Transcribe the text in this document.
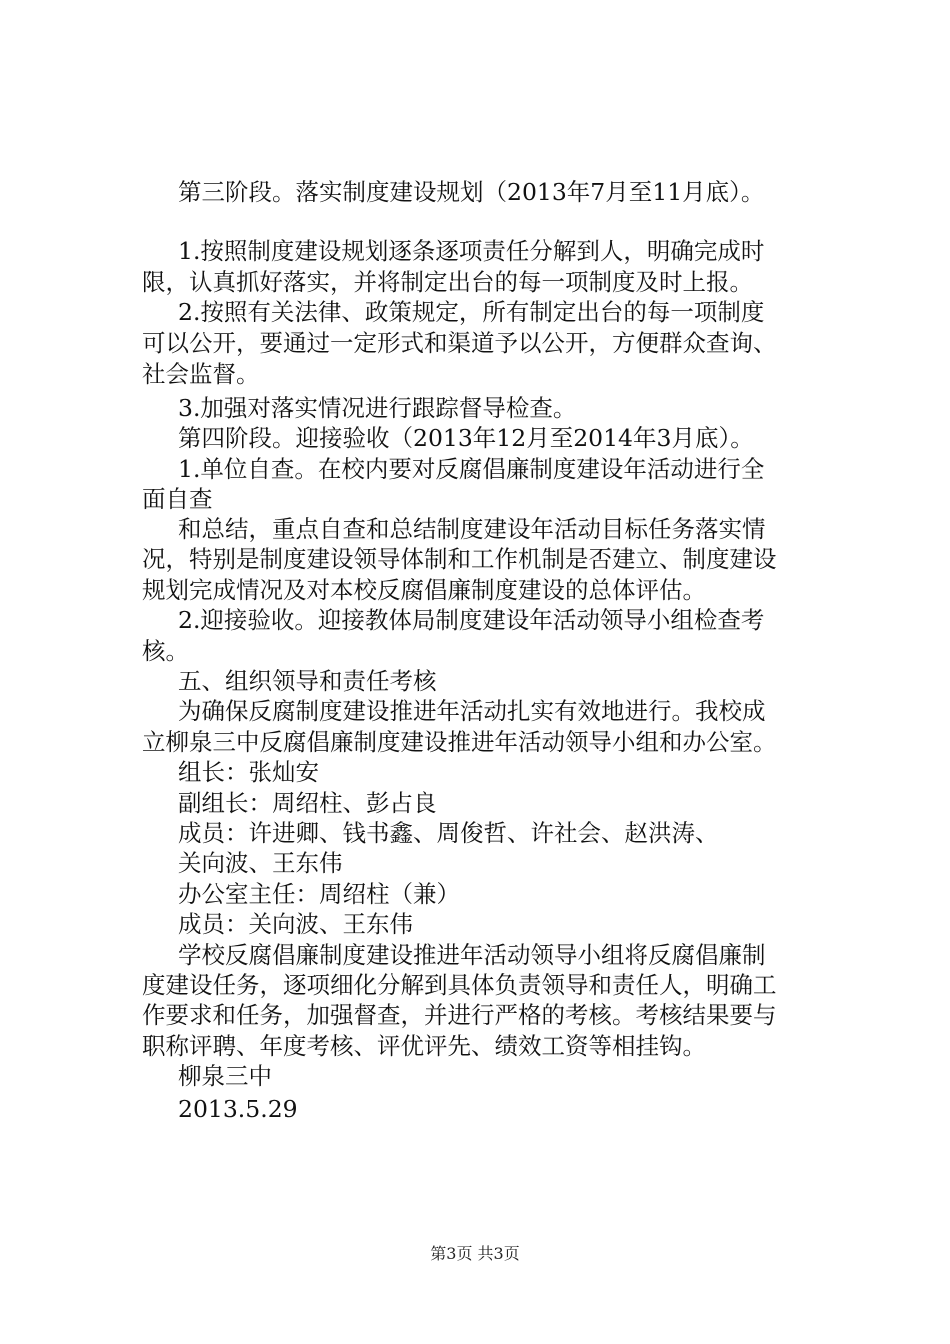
第三阶段。落实制度建设规划（2013年7月至11月底）。
1.按照制度建设规划逐条逐项责任分解到人，明确完成时
限，认真抓好落实，并将制定出台的每一项制度及时上报。
2.按照有关法律、政策规定，所有制定出台的每一项制度
可以公开，要通过一定形式和渠道予以公开，方便群众查询、
社会监督。
3.加强对落实情况进行跟踪督导检查。
第四阶段。迎接验收（2013年12月至2014年3月底）。
1.单位自查。在校内要对反腐倡廉制度建设年活动进行全
面自查
和总结，重点自查和总结制度建设年活动目标任务落实情
况，特别是制度建设领导体制和工作机制是否建立、制度建设
规划完成情况及对本校反腐倡廉制度建设的总体评估。
2.迎接验收。迎接教体局制度建设年活动领导小组检查考
核。
五、组织领导和责任考核
为确保反腐制度建设推进年活动扎实有效地进行。我校成
立柳泉三中反腐倡廉制度建设推进年活动领导小组和办公室。
组长：张灿安
副组长：周绍柱、彭占良
成员：许进卿、钱书鑫、周俊哲、许社会、赵洪涛、
关向波、王东伟
办公室主任：周绍柱（兼）
成员：关向波、王东伟
学校反腐倡廉制度建设推进年活动领导小组将反腐倡廉制
度建设任务，逐项细化分解到具体负责领导和责任人，明确工
作要求和任务，加强督查，并进行严格的考核。考核结果要与
职称评聘、年度考核、评优评先、绩效工资等相挂钩。
柳泉三中
2013.5.29
第3页 共3页
